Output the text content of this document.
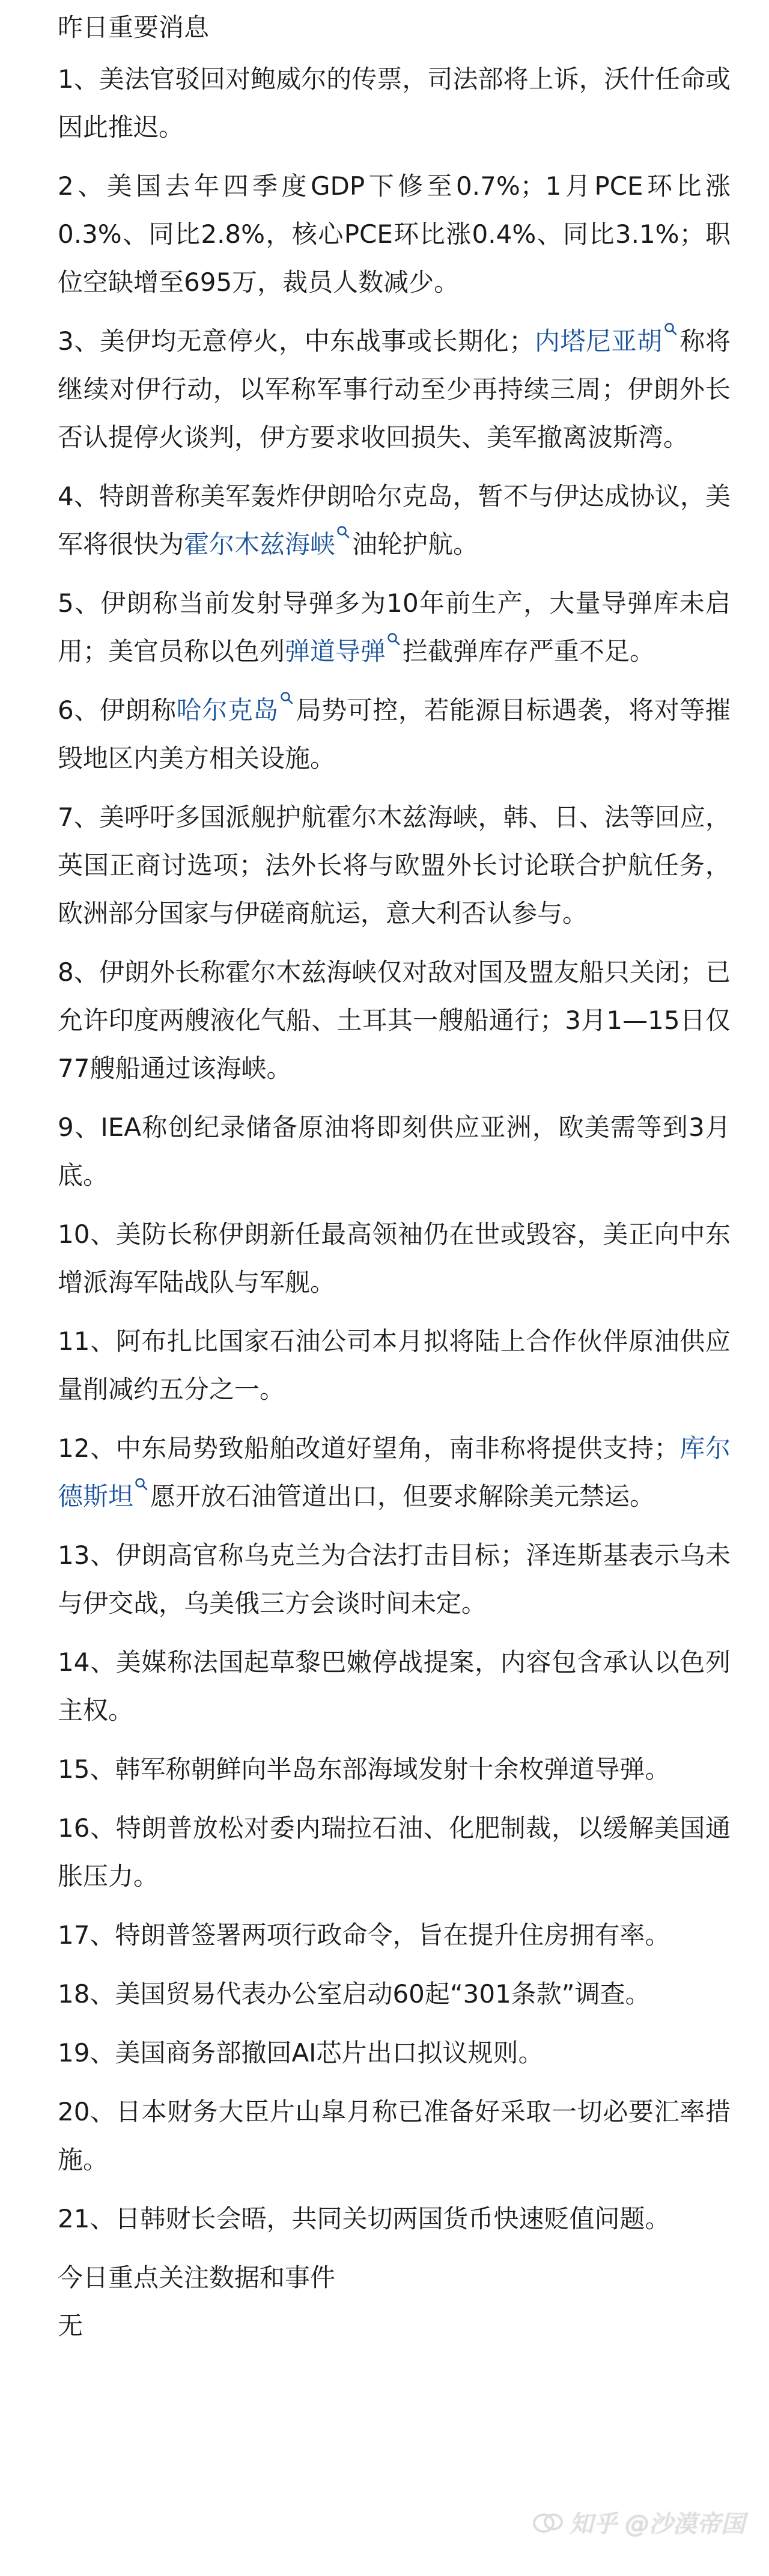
昨日重要消息
1、美法官驳回对鲍威尔的传票，司法部将上诉，沃什任命或因此推迟。
2、美国去年四季度GDP下修至0.7%；1月PCE环比涨0.3%、同比2.8%，核心PCE环比涨0.4%、同比3.1%；职位空缺增至695万，裁员人数减少。
3、美伊均无意停火，中东战事或长期化；内塔尼亚胡 称将继续对伊行动，以军称军事行动至少再持续三周；伊朗外长否认提停火谈判，伊方要求收回损失、美军撤离波斯湾。
4、特朗普称美军轰炸伊朗哈尔克岛，暂不与伊达成协议，美军将很快为霍尔木兹海峡 油轮护航。
5、伊朗称当前发射导弹多为10年前生产，大量导弹库未启用；美官员称以色列弹道导弹 拦截弹库存严重不足。
6、伊朗称哈尔克岛 局势可控，若能源目标遇袭，将对等摧毁地区内美方相关设施。
7、美呼吁多国派舰护航霍尔木兹海峡，韩、日、法等回应，英国正商讨选项；法外长将与欧盟外长讨论联合护航任务，欧洲部分国家与伊磋商航运，意大利否认参与。
8、伊朗外长称霍尔木兹海峡仅对敌对国及盟友船只关闭；已允许印度两艘液化气船、土耳其一艘船通行；3月1—15日仅77艘船通过该海峡。
9、IEA称创纪录储备原油将即刻供应亚洲，欧美需等到3月底。
10、美防长称伊朗新任最高领袖仍在世或毁容，美正向中东增派海军陆战队与军舰。
11、阿布扎比国家石油公司本月拟将陆上合作伙伴原油供应量削减约五分之一。
12、中东局势致船舶改道好望角，南非称将提供支持；库尔德斯坦 愿开放石油管道出口，但要求解除美元禁运。
13、伊朗高官称乌克兰为合法打击目标；泽连斯基表示乌未与伊交战，乌美俄三方会谈时间未定。
14、美媒称法国起草黎巴嫩停战提案，内容包含承认以色列主权。
15、韩军称朝鲜向半岛东部海域发射十余枚弹道导弹。
16、特朗普放松对委内瑞拉石油、化肥制裁，以缓解美国通胀压力。
17、特朗普签署两项行政命令，旨在提升住房拥有率。
18、美国贸易代表办公室启动60起“301条款”调查。
19、美国商务部撤回AI芯片出口拟议规则。
20、日本财务大臣片山皐月称已准备好采取一切必要汇率措施。
21、日韩财长会晤，共同关切两国货币快速贬值问题。
今日重点关注数据和事件

无

知乎 @沙漠帝国
